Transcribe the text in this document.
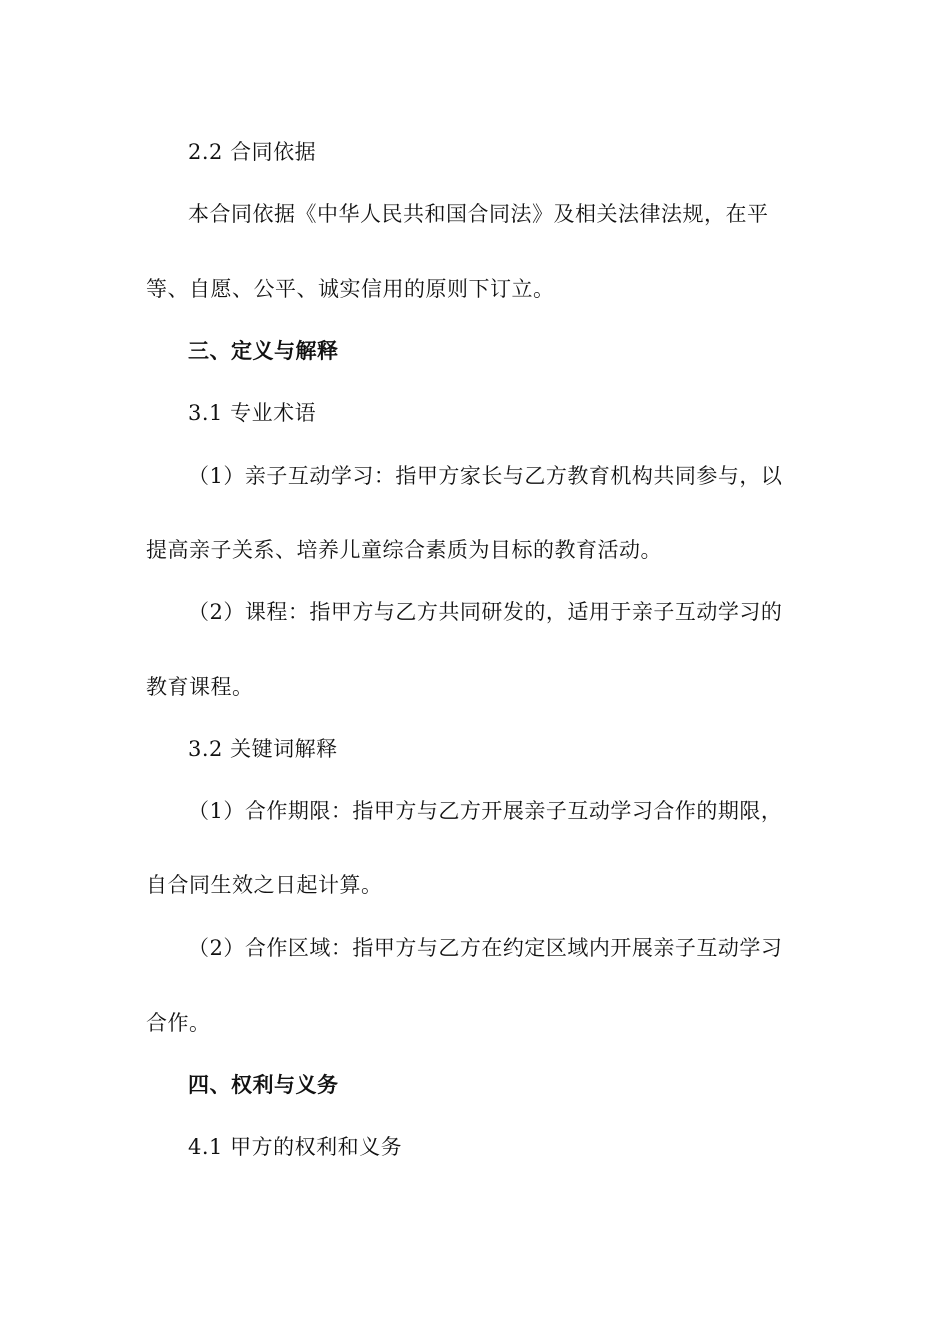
2.2 合同依据
本合同依据《中华人民共和国合同法》及相关法律法规，在平
等、自愿、公平、诚实信用的原则下订立。
三、定义与解释
3.1 专业术语
（1）亲子互动学习：指甲方家长与乙方教育机构共同参与，以
提高亲子关系、培养儿童综合素质为目标的教育活动。
（2）课程：指甲方与乙方共同研发的，适用于亲子互动学习的
教育课程。
3.2 关键词解释
（1）合作期限：指甲方与乙方开展亲子互动学习合作的期限，
自合同生效之日起计算。
（2）合作区域：指甲方与乙方在约定区域内开展亲子互动学习
合作。
四、权利与义务
4.1 甲方的权利和义务
